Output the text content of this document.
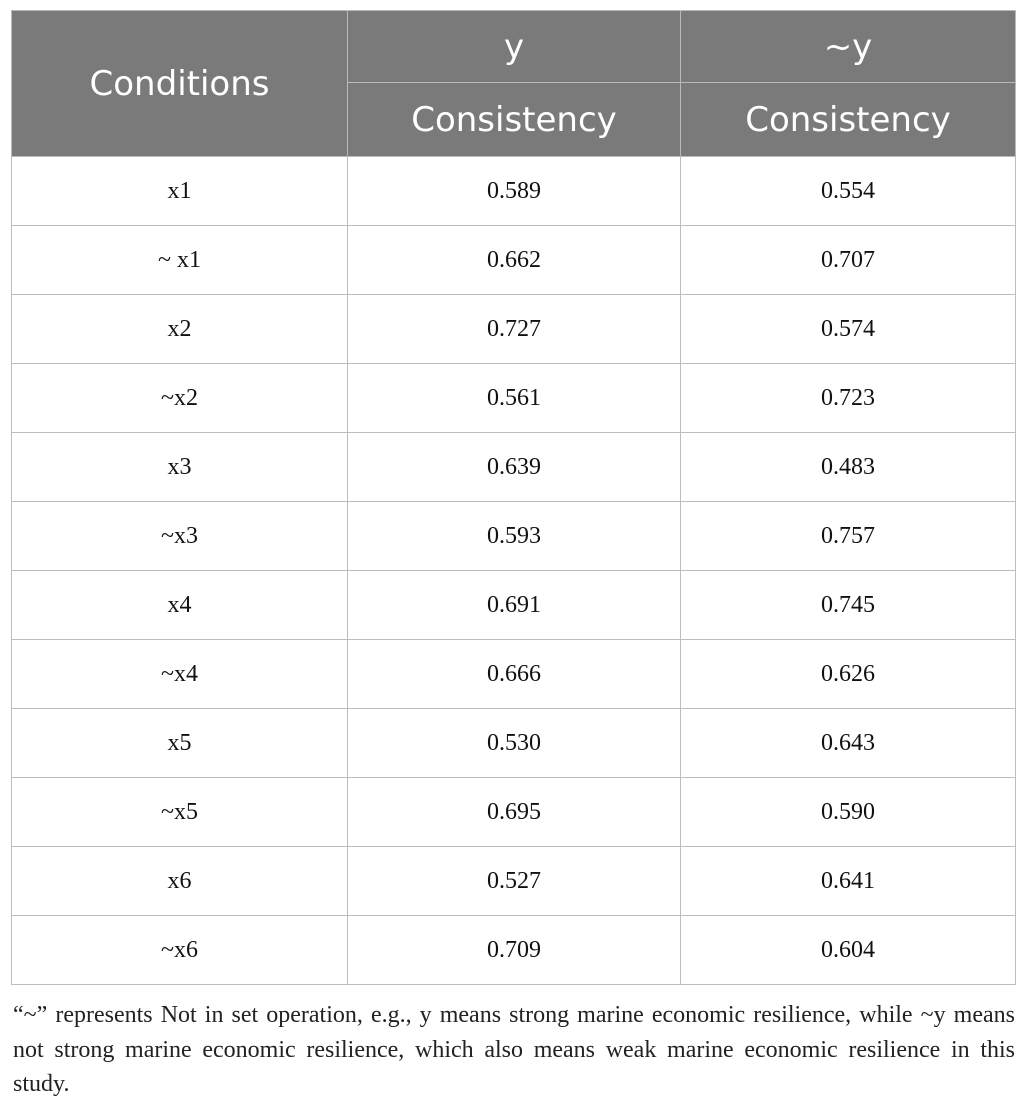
Conditions	y	~y
	Consistency	Consistency
x1	0.589	0.554
~ x1	0.662	0.707
x2	0.727	0.574
~x2	0.561	0.723
x3	0.639	0.483
~x3	0.593	0.757
x4	0.691	0.745
~x4	0.666	0.626
x5	0.530	0.643
~x5	0.695	0.590
x6	0.527	0.641
~x6	0.709	0.604
“~” represents Not in set operation, e.g., y means strong marine economic resilience, while ~y means not strong marine economic resilience, which also means weak marine economic resilience in this study.
